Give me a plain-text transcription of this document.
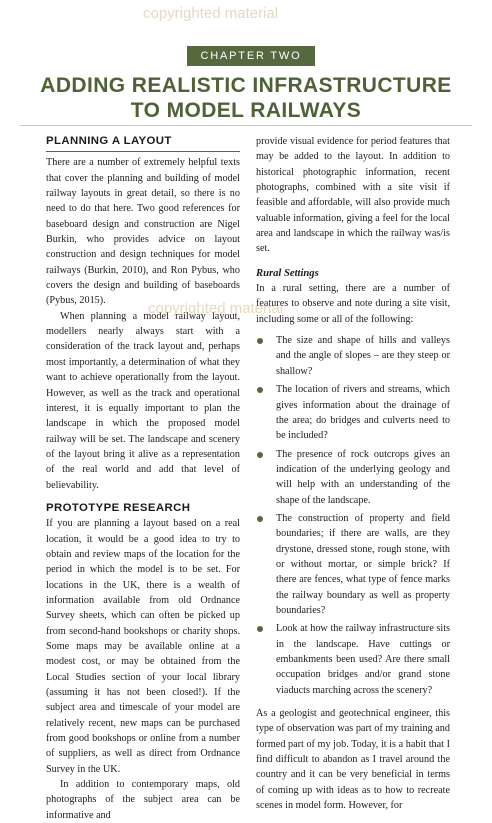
copyrighted material
CHAPTER TWO
ADDING REALISTIC INFRASTRUCTURE
TO MODEL RAILWAYS
PLANNING A LAYOUT

There are a number of extremely helpful texts that cover the planning and building of model railway layouts in great detail, so there is no need to do that here. Two good references for baseboard design and construction are Nigel Burkin, who provides advice on layout construction and design techniques for model railways (Burkin, 2010), and Ron Pybus, who covers the design and building of baseboards (Pybus, 2015).

When planning a model railway layout, modellers nearly always start with a consideration of the track layout and, perhaps most importantly, a determination of what they want to achieve operationally from the layout. However, as well as the track and operational interest, it is equally important to plan the landscape in which the proposed model railway will be set. The landscape and scenery of the layout bring it alive as a representation of the real world and add that level of believability.

PROTOTYPE RESEARCH

If you are planning a layout based on a real location, it would be a good idea to try to obtain and review maps of the location for the period in which the model is to be set. For locations in the UK, there is a wealth of information available from old Ordnance Survey sheets, which can often be picked up from second-hand bookshops or charity shops. Some maps may be available online at a modest cost, or may be obtained from the Local Studies section of your local library (assuming it has not been closed!). If the subject area and timescale of your model are relatively recent, new maps can be purchased from good bookshops or online from a number of suppliers, as well as direct from Ordnance Survey in the UK.

In addition to contemporary maps, old photographs of the subject area can be informative and

provide visual evidence for period features that may be added to the layout. In addition to historical photographic information, recent photographs, combined with a site visit if feasible and affordable, will also provide much valuable information, giving a feel for the local area and landscape in which the railway was/is set.

Rural Settings

In a rural setting, there are a number of features to observe and note during a site visit, including some or all of the following:

The size and shape of hills and valleys and the angle of slopes – are they steep or shallow?
The location of rivers and streams, which gives information about the drainage of the area; do bridges and culverts need to be included?
The presence of rock outcrops gives an indication of the underlying geology and will help with an understanding of the shape of the landscape.
The construction of property and field boundaries; if there are walls, are they drystone, dressed stone, rough stone, with or without mortar, or simple brick? If there are fences, what type of fence marks the railway boundary as well as property boundaries?
Look at how the railway infrastructure sits in the landscape. Have cuttings or embankments been used? Are there small occupation bridges and/or grand stone viaducts marching across the scenery?

As a geologist and geotechnical engineer, this type of observation was part of my training and formed part of my job. Today, it is a habit that I find difficult to abandon as I travel around the country and it can be very beneficial in terms of coming up with ideas as to how to recreate scenes in model form. However, for

copyrighted material
